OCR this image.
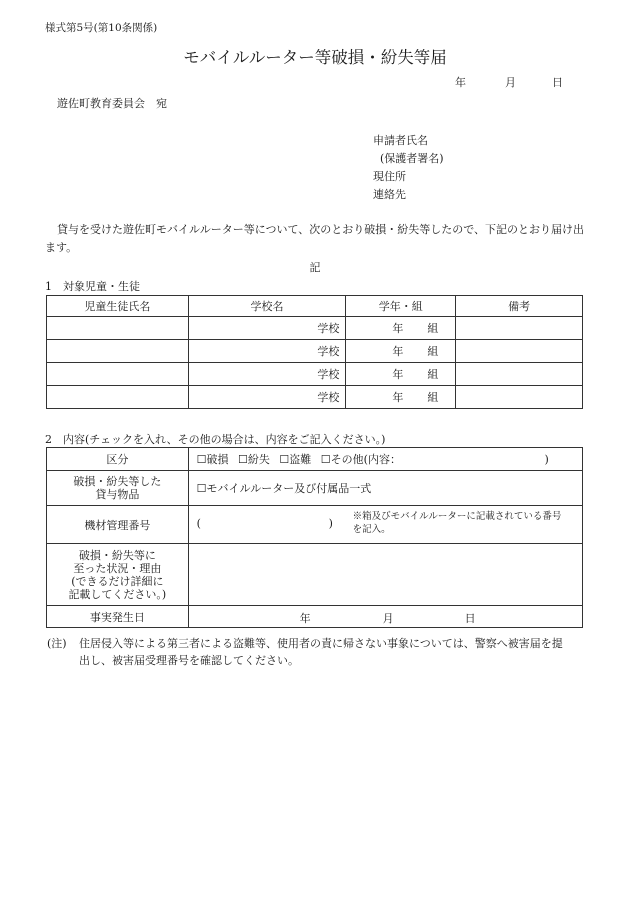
様式第5号(第10条関係)
モバイルルーター等破損・紛失等届
年	月	日
遊佐町教育委員会　宛
申請者氏名
(保護者署名)
現住所
連絡先
貸与を受けた遊佐町モバイルルーター等について、次のとおり破損・紛失等したので、下記のとおり届け出ます。
記
1　対象児童・生徒
児童生徒氏名	学校名	学年・組	備考
	学校	年 組	
	学校	年 組	
	学校	年 組	
	学校	年 組	
2　内容(チェックを入れ、その他の場合は、内容をご記入ください。)
区分	☐破損 ☐紛失 ☐盗難 ☐その他(内容： )
破損・紛失等した
貸与物品	☐モバイルルーター及び付属品一式
機材管理番号	( )
※箱及びモバイルルーターに記載されている番号
を記入。

破損・紛失等に
至った状況・理由
(できるだけ詳細に
記載してください。)	
事実発生日	年 月 日
(注) 住居侵入等による第三者による盗難等、使用者の責に帰さない事象については、警察へ被害届を提
出し、被害届受理番号を確認してください。
